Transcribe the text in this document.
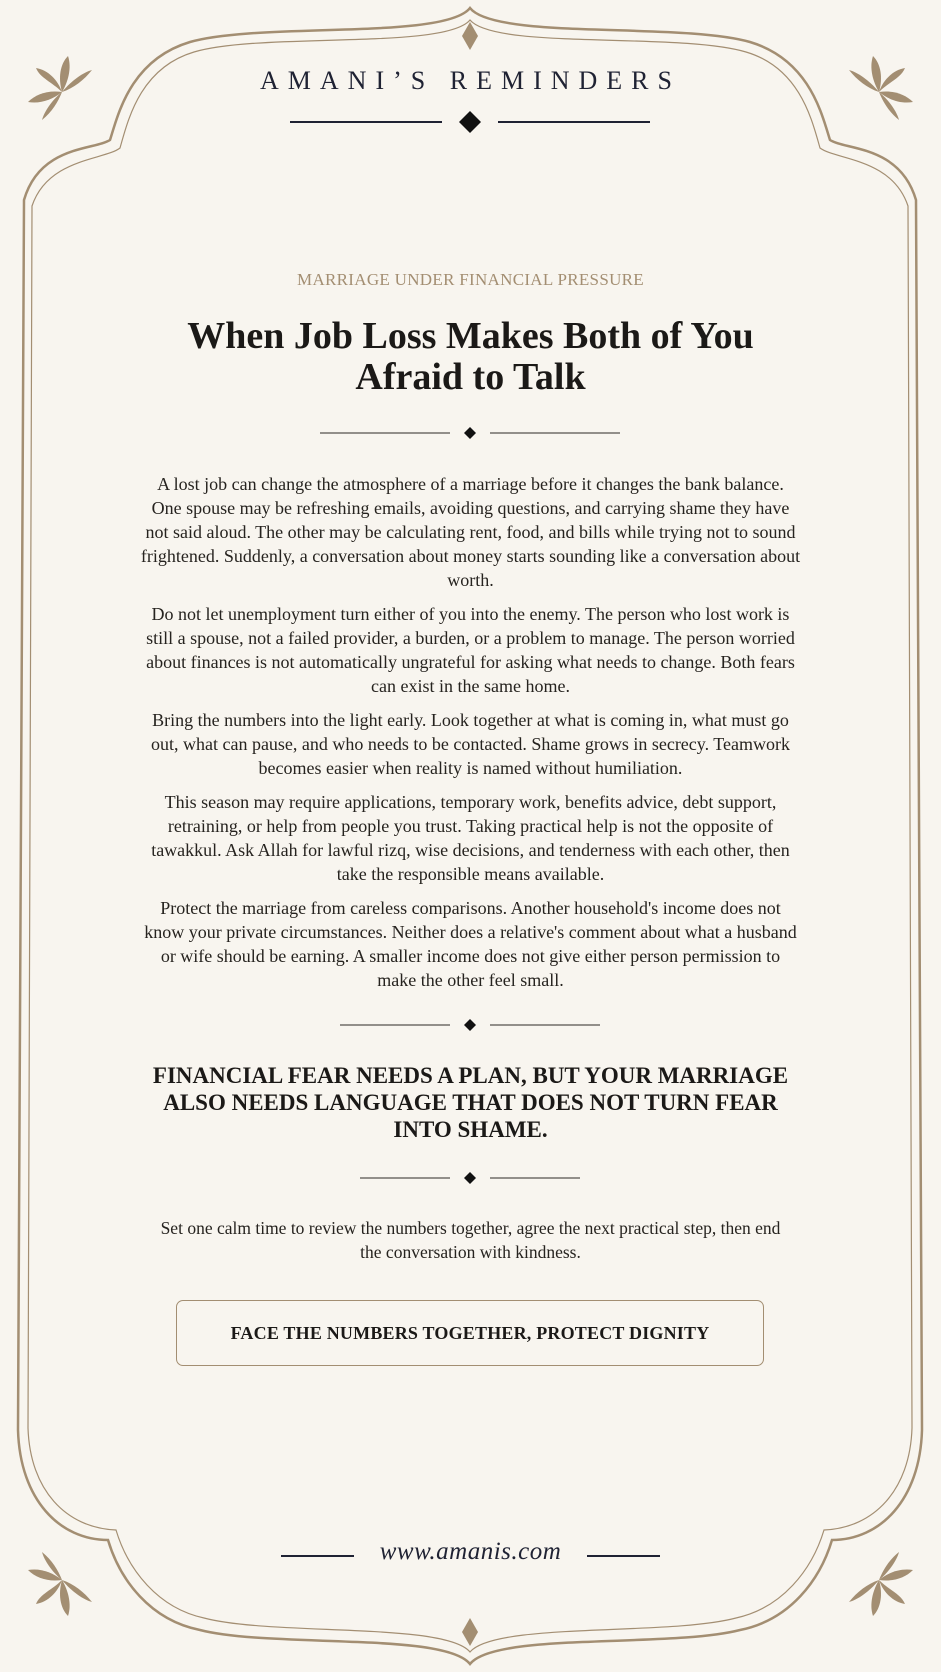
AMANI’S REMINDERS
MARRIAGE UNDER FINANCIAL PRESSURE
When Job Loss Makes Both of You
Afraid to Talk

A lost job can change the atmosphere of a marriage before it changes the bank balance. One spouse may be refreshing emails, avoiding questions, and carrying shame they have not said aloud. The other may be calculating rent, food, and bills while trying not to sound frightened. Suddenly, a conversation about money starts sounding like a conversation about worth.

Do not let unemployment turn either of you into the enemy. The person who lost work is still a spouse, not a failed provider, a burden, or a problem to manage. The person worried about finances is not automatically ungrateful for asking what needs to change. Both fears can exist in the same home.

Bring the numbers into the light early. Look together at what is coming in, what must go out, what can pause, and who needs to be contacted. Shame grows in secrecy. Teamwork becomes easier when reality is named without humiliation.

This season may require applications, temporary work, benefits advice, debt support, retraining, or help from people you trust. Taking practical help is not the opposite of tawakkul. Ask Allah for lawful rizq, wise decisions, and tenderness with each other, then take the responsible means available.

Protect the marriage from careless comparisons. Another household's income does not know your private circumstances. Neither does a relative's comment about what a husband or wife should be earning. A smaller income does not give either person permission to make the other feel small.

FINANCIAL FEAR NEEDS A PLAN, BUT YOUR MARRIAGE ALSO NEEDS LANGUAGE THAT DOES NOT TURN FEAR INTO SHAME.
Set one calm time to review the numbers together, agree the next practical step, then end the conversation with kindness.
FACE THE NUMBERS TOGETHER, PROTECT DIGNITY
www.amanis.com
